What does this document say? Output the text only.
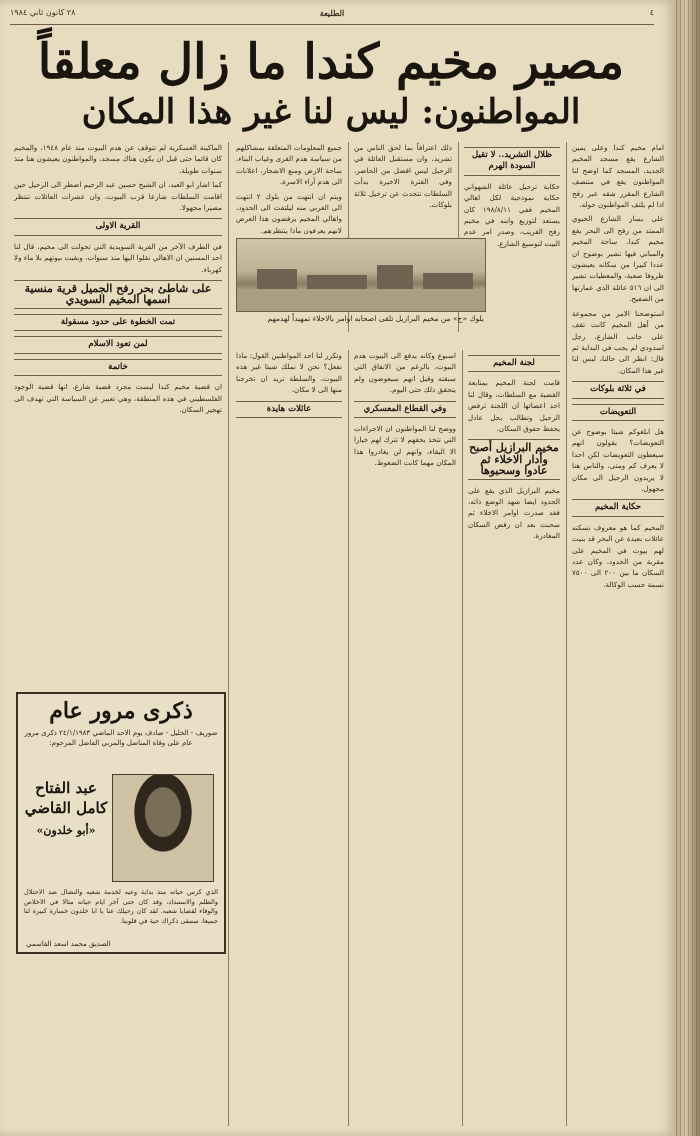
٤
الطليعة
٢٨ كانون ثاني ١٩٨٤
مصير مخيم كندا ما زال معلقاً
المواطنون: ليس لنا غير هذا المكان

امام مخيم كندا وعلى يمين الشارع يقع مسجد المخيم الجديد، المسجد كما اوضح لنا المواطنون يقع في منتصف الشارع المقرر شقه عبر رفح اذا لم يلتف المواطنون حوله.

على يسار الشارع الحيوي الممتد من رفح الى البحر يقع مخيم كندا. ساحة المخيم والمباني فيها تشير بوضوح ان عددا كبيرا من سكانه يعيشون ظروفا صعبة، والمعطيات تشير الى ان ٥١٦ عائلة الذي عمارتها من الصفيح.

استوضحنا الامر من مجموعة من أهل المخيم كانت تقف على جانب الشارع، رجل اسدودي لم يجب في البداية ثم قال: انظر الى حالنا، ليس لنا غير هذا المكان.

في ثلاثة بلوكات
التعويضات

هل ابلغوكم شيئا بوضوح عن التعويضات؟ يقولون انهم سيعطون التعويضات لكن احدا لا يعرف كم ومتى، والناس هنا لا يريدون الرحيل الى مكان مجهول.

حكاية المخيم

المخيم كما هو معروف تسكنه عائلات بعيدة عن البحر قد بنيت لهم بيوت في المخيم على مقربة من الحدود، وكان عدد السكان ما بين ٢٠٠ الى ٧٥٠٠ نسمة حسب الوكالة.

ظلال التشريد.. لا تقيل السودة الهرم

حكاية ترحيل عائلة الشهواني حكاية نموذجية لكل اهالي المخيم ففي ١٩٨/٨/١١ كان يستعد لتوزيع وابنه في مخيم رفح القريب، وصدر امر عدم البيت لتوسيع الشارع.

ذلك اعترافاً بما لحق الناس من تشريد، وان مستقبل العائلة في الرحيل ليس افضل من الحاضر، وفي الفترة الاخيرة بدأت السلطات تتحدث عن ترحيل ثلاثة بلوكات.

جميع المعلومات المتعلقة بمشاكلهم من سياسة هدم القرى وغياب البناء، ساحة الارض ومنع الاشجار، اعلانات الى هدم آراء الاسرة.

ويتم ان انتهت من بلوك ٢ انتهت الى الغربي منه ليلتفت الى الحدود، واهالي المخيم يرفضون هذا العرض لانهم يعرفون ماذا ينتظرهم.

بلوك «ج» من مخيم البرازيل تلقى اصحابه اوامر بالاخلاء تمهيداً لهدمهم
لجنة المخيم

قامت لجنة المخيم بمتابعة القضية مع السلطات، وقال لنا احد اعضائها ان اللجنة ترفض الرحيل وتطالب بحل عادل يحفظ حقوق السكان.

مخيم البرازيل أصبح وأدار الاخلاء ثم عادوا وسحبوها

مخيم البرازيل الذي يقع على الحدود ايضا شهد الوضع ذاته، فقد صدرت اوامر الاخلاء ثم سحبت بعد ان رفض السكان المغادرة.

اسبوع وكانه يدفع الى البيوت هدم البيوت، بالرغم من الاتفاق التي سبقته وقيل انهم سيعوضون ولم يتحقق ذلك حتى اليوم.

وفي القطاع المعسكري

ووضح لنا المواطنون ان الاجراءات التي تتخذ بحقهم لا تترك لهم خيارا الا البقاء، وانهم لن يغادروا هذا المكان مهما كانت الضغوط.

وتكرر لنا احد المواطنين القول: ماذا نفعل؟ نحن لا نملك شيئا غير هذه البيوت، والسلطة تريد ان تخرجنا منها الى لا مكان.

عائلات هايدة

الماكينة العسكرية لم تتوقف عن هدم البيوت منذ عام ١٩٤٨، والمخيم كان قائما حتى قبل ان يكون هناك مسجد، والمواطنون يعيشون هنا منذ سنوات طويلة.

كما اشار ابو العبد، ان الشيخ حسين عبد الرحيم اضطر الى الرحيل حين اقامت السلطات شارعا قرب البيوت، وان عشرات العائلات تنتظر مصيرا مجهولا.

القرية الاولى

في الطرف الآخر من القرية السويدية التي تحولت الى مخيم، قال لنا احد المسنين ان الاهالي نقلوا اليها منذ سنوات، وبقيت بيوتهم بلا ماء ولا كهرباء.

على شاطئ بحر رفح الجميل قرية منسية اسمها المخيم السويدي
تمت الخطوة على حدود مسقولة
لمن تعود الاسلام
خاتمة

ان قضية مخيم كندا ليست مجرد قضية شارع، انها قضية الوجود الفلسطيني في هذه المنطقة، وهي تعبير عن السياسة التي تهدف الى تهجير السكان.

ذكرى مرور عام
صوريف - الخليل - صادف يوم الاحد الماضي ٢٤/١/١٩٨٣ ذكرى مرور عام على وفاة المناضل والمربي الفاضل المرحوم:
عبد الفتاح كامل القاضي
«أبو خلدون»
الذي كرس حياته منذ بداية وعيه لخدمة شعبه والنضال ضد الاحتلال والظلم والاستبداد، وقد كان حتى آخر ايام حياته مثالا في الاخلاص والوفاء لقضايا شعبه. لقد كان رحيلك عنا يا ابا خلدون خسارة كبيرة لنا جميعا، ستبقى ذكراك حية في قلوبنا.
الصديق محمد اسعد القاسمي
